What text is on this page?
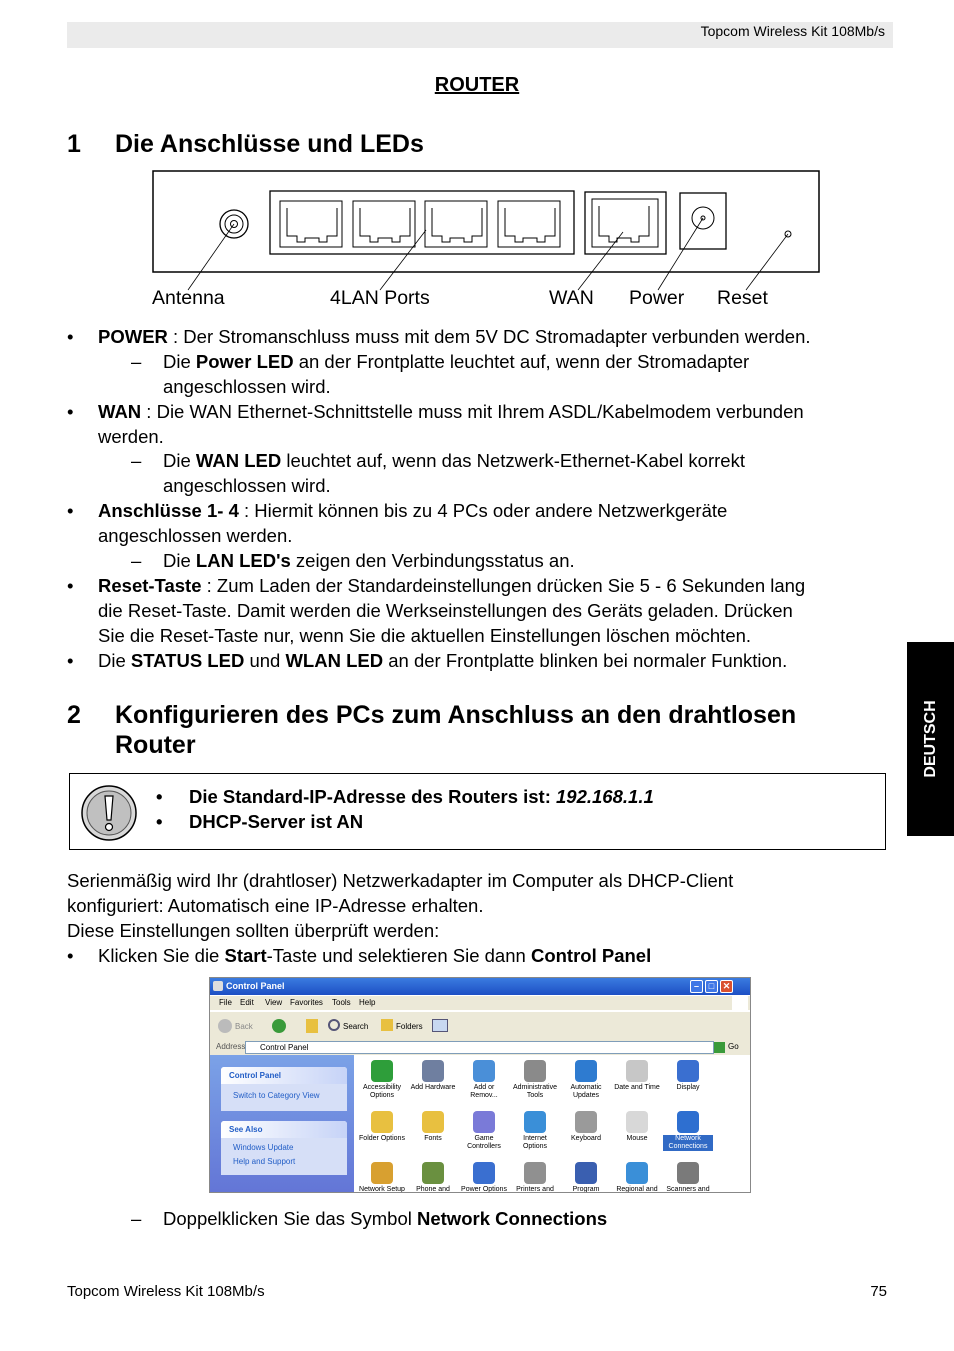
Topcom Wireless Kit 108Mb/s
ROUTER
1 Die Anschlüsse und LEDs
Antenna	4LAN Ports	WAN Power Reset
• POWER : Der Stromanschluss muss mit dem 5V DC Stromadapter verbunden werden.
– Die Power LED an der Frontplatte leuchtet auf, wenn der Stromadapter
angeschlossen wird.
• WAN : Die WAN Ethernet-Schnittstelle muss mit Ihrem ASDL/Kabelmodem verbunden
werden.
– Die WAN LED leuchtet auf, wenn das Netzwerk-Ethernet-Kabel korrekt
angeschlossen wird.
• Anschlüsse 1- 4 : Hiermit können bis zu 4 PCs oder andere Netzwerkgeräte
angeschlossen werden.
– Die LAN LED's zeigen den Verbindungsstatus an.
• Reset-Taste : Zum Laden der Standardeinstellungen drücken Sie 5 - 6 Sekunden lang
die Reset-Taste. Damit werden die Werkseinstellungen des Geräts geladen. Drücken
Sie die Reset-Taste nur, wenn Sie die aktuellen Einstellungen löschen möchten.
• Die STATUS LED und WLAN LED an der Frontplatte blinken bei normaler Funktion.
DEUTSCH
2 Konfigurieren des PCs zum Anschluss an den drahtlosen
Router
• Die Standard-IP-Adresse des Routers ist: 192.168.1.1
• DHCP-Server ist AN
Serienmäßig wird Ihr (drahtloser) Netzwerkadapter im Computer als DHCP-Client
konfiguriert: Automatisch eine IP-Adresse erhalten.
Diese Einstellungen sollten überprüft werden:
• Klicken Sie die Start-Taste und selektieren Sie dann Control Panel
Control Panel	–	□ ✕
File Edit View Favorites Tools Help
Back	Search	Folders
Address Control Panel	Go
Control Panel
Switch to Category View
See Also
Windows Update
Help and Support
Accessibility
Options
Add Hardware	Add or
Remov...
Administrative
Tools
Automatic
Updates
Date and Time	Display
Folder Options	Fonts	Game
Controllers
Internet
Options
Keyboard	Mouse	Network
Connections
Network Setup	Phone and	Power Options	Printers and	Program	Regional and	Scanners and
– Doppelklicken Sie das Symbol Network Connections
Topcom Wireless Kit 108Mb/s	75
